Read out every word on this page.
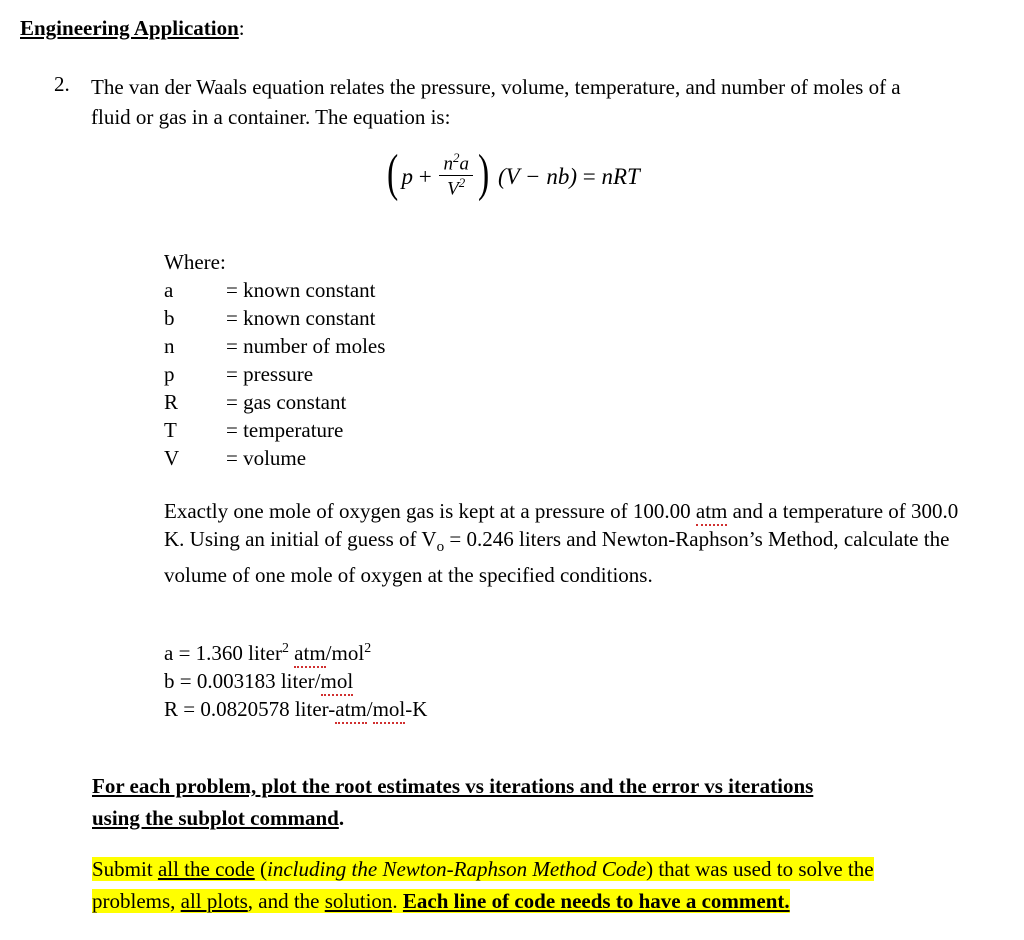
Engineering Application:
2. The van der Waals equation relates the pressure, volume, temperature, and number of moles of a fluid or gas in a container. The equation is:
( $p + \frac{n^2a}{V^2}$ ) (V − nb) = nRT
Where:
a	= known constant
b	= known constant
n	= number of moles
p	= pressure
R	= gas constant
T	= temperature
V	= volume
Exactly one mole of oxygen gas is kept at a pressure of 100.00 atm and a temperature of 300.0 K. Using an initial of guess of $V_o = 0.246$ liters and Newton-Raphson’s Method, calculate the volume of one mole of oxygen at the specified conditions.
a = 1.360 liter$^2$ atm/mol$^2$
b = 0.003183 liter/mol
R = 0.0820578 liter-atm/mol-K
For each problem, plot the root estimates vs iterations and the error vs iterations
using the subplot command.
Submit all the code (including the Newton-Raphson Method Code) that was used to solve the problems, all plots, and the solution. Each line of code needs to have a comment.
